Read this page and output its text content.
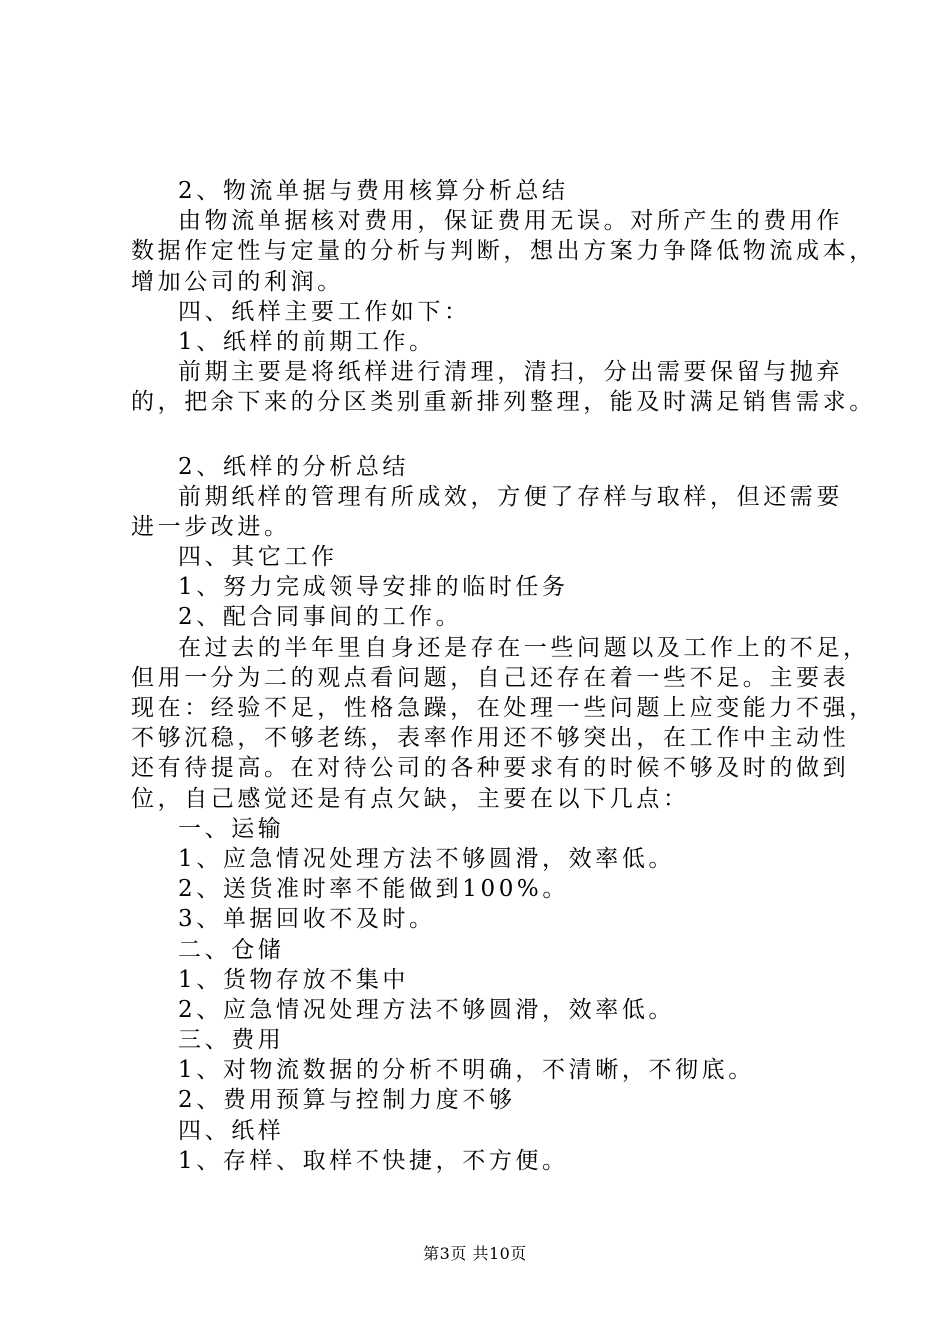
2、物流单据与费用核算分析总结
由物流单据核对费用，保证费用无误。对所产生的费用作
数据作定性与定量的分析与判断，想出方案力争降低物流成本，
增加公司的利润。
四、纸样主要工作如下：
1、纸样的前期工作。
前期主要是将纸样进行清理，清扫，分出需要保留与抛弃
的，把余下来的分区类别重新排列整理，能及时满足销售需求。
2、纸样的分析总结
前期纸样的管理有所成效，方便了存样与取样，但还需要
进一步改进。
四、其它工作
1、努力完成领导安排的临时任务
2、配合同事间的工作。
在过去的半年里自身还是存在一些问题以及工作上的不足，
但用一分为二的观点看问题，自己还存在着一些不足。主要表
现在：经验不足，性格急躁，在处理一些问题上应变能力不强，
不够沉稳，不够老练，表率作用还不够突出，在工作中主动性
还有待提高。在对待公司的各种要求有的时候不够及时的做到
位，自己感觉还是有点欠缺，主要在以下几点：
一、运输
1、应急情况处理方法不够圆滑，效率低。
2、送货准时率不能做到100%。
3、单据回收不及时。
二、仓储
1、货物存放不集中
2、应急情况处理方法不够圆滑，效率低。
三、费用
1、对物流数据的分析不明确，不清晰，不彻底。
2、费用预算与控制力度不够
四、纸样
1、存样、取样不快捷，不方便。
第3页 共10页
